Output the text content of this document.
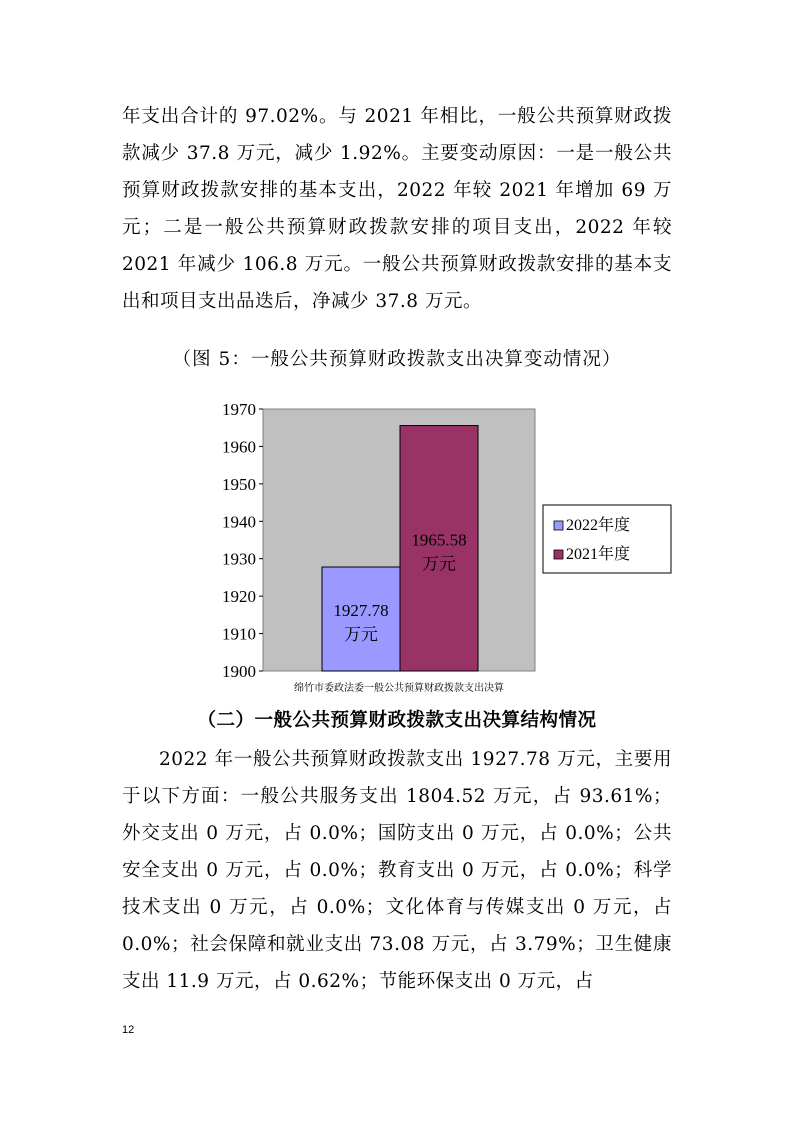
年支出合计的 97.02%。与 2021 年相比，一般公共预算财政拨款减少 37.8 万元，减少 1.92%。主要变动原因：一是一般公共预算财政拨款安排的基本支出，2022 年较 2021 年增加 69 万元；二是一般公共预算财政拨款安排的项目支出，2022 年较 2021 年减少 106.8 万元。一般公共预算财政拨款安排的基本支出和项目支出品迭后，净减少 37.8 万元。

（图 5：一般公共预算财政拨款支出决算变动情况）

1970
1960
1950
1940
1930
1920
1910
1900
1927.78
万元
1965.58
万元
绵竹市委政法委一般公共预算财政拨款支出决算
2022年度
2021年度

（二）一般公共预算财政拨款支出决算结构情况

2022 年一般公共预算财政拨款支出 1927.78 万元，主要用于以下方面：一般公共服务支出 1804.52 万元，占 93.61%；外交支出 0 万元，占 0.0%；国防支出 0 万元，占 0.0%；公共安全支出 0 万元，占 0.0%；教育支出 0 万元，占 0.0%；科学技术支出 0 万元，占 0.0%；文化体育与传媒支出 0 万元，占 0.0%；社会保障和就业支出 73.08 万元，占 3.79%；卫生健康支出 11.9 万元，占 0.62%；节能环保支出 0 万元，占

12
